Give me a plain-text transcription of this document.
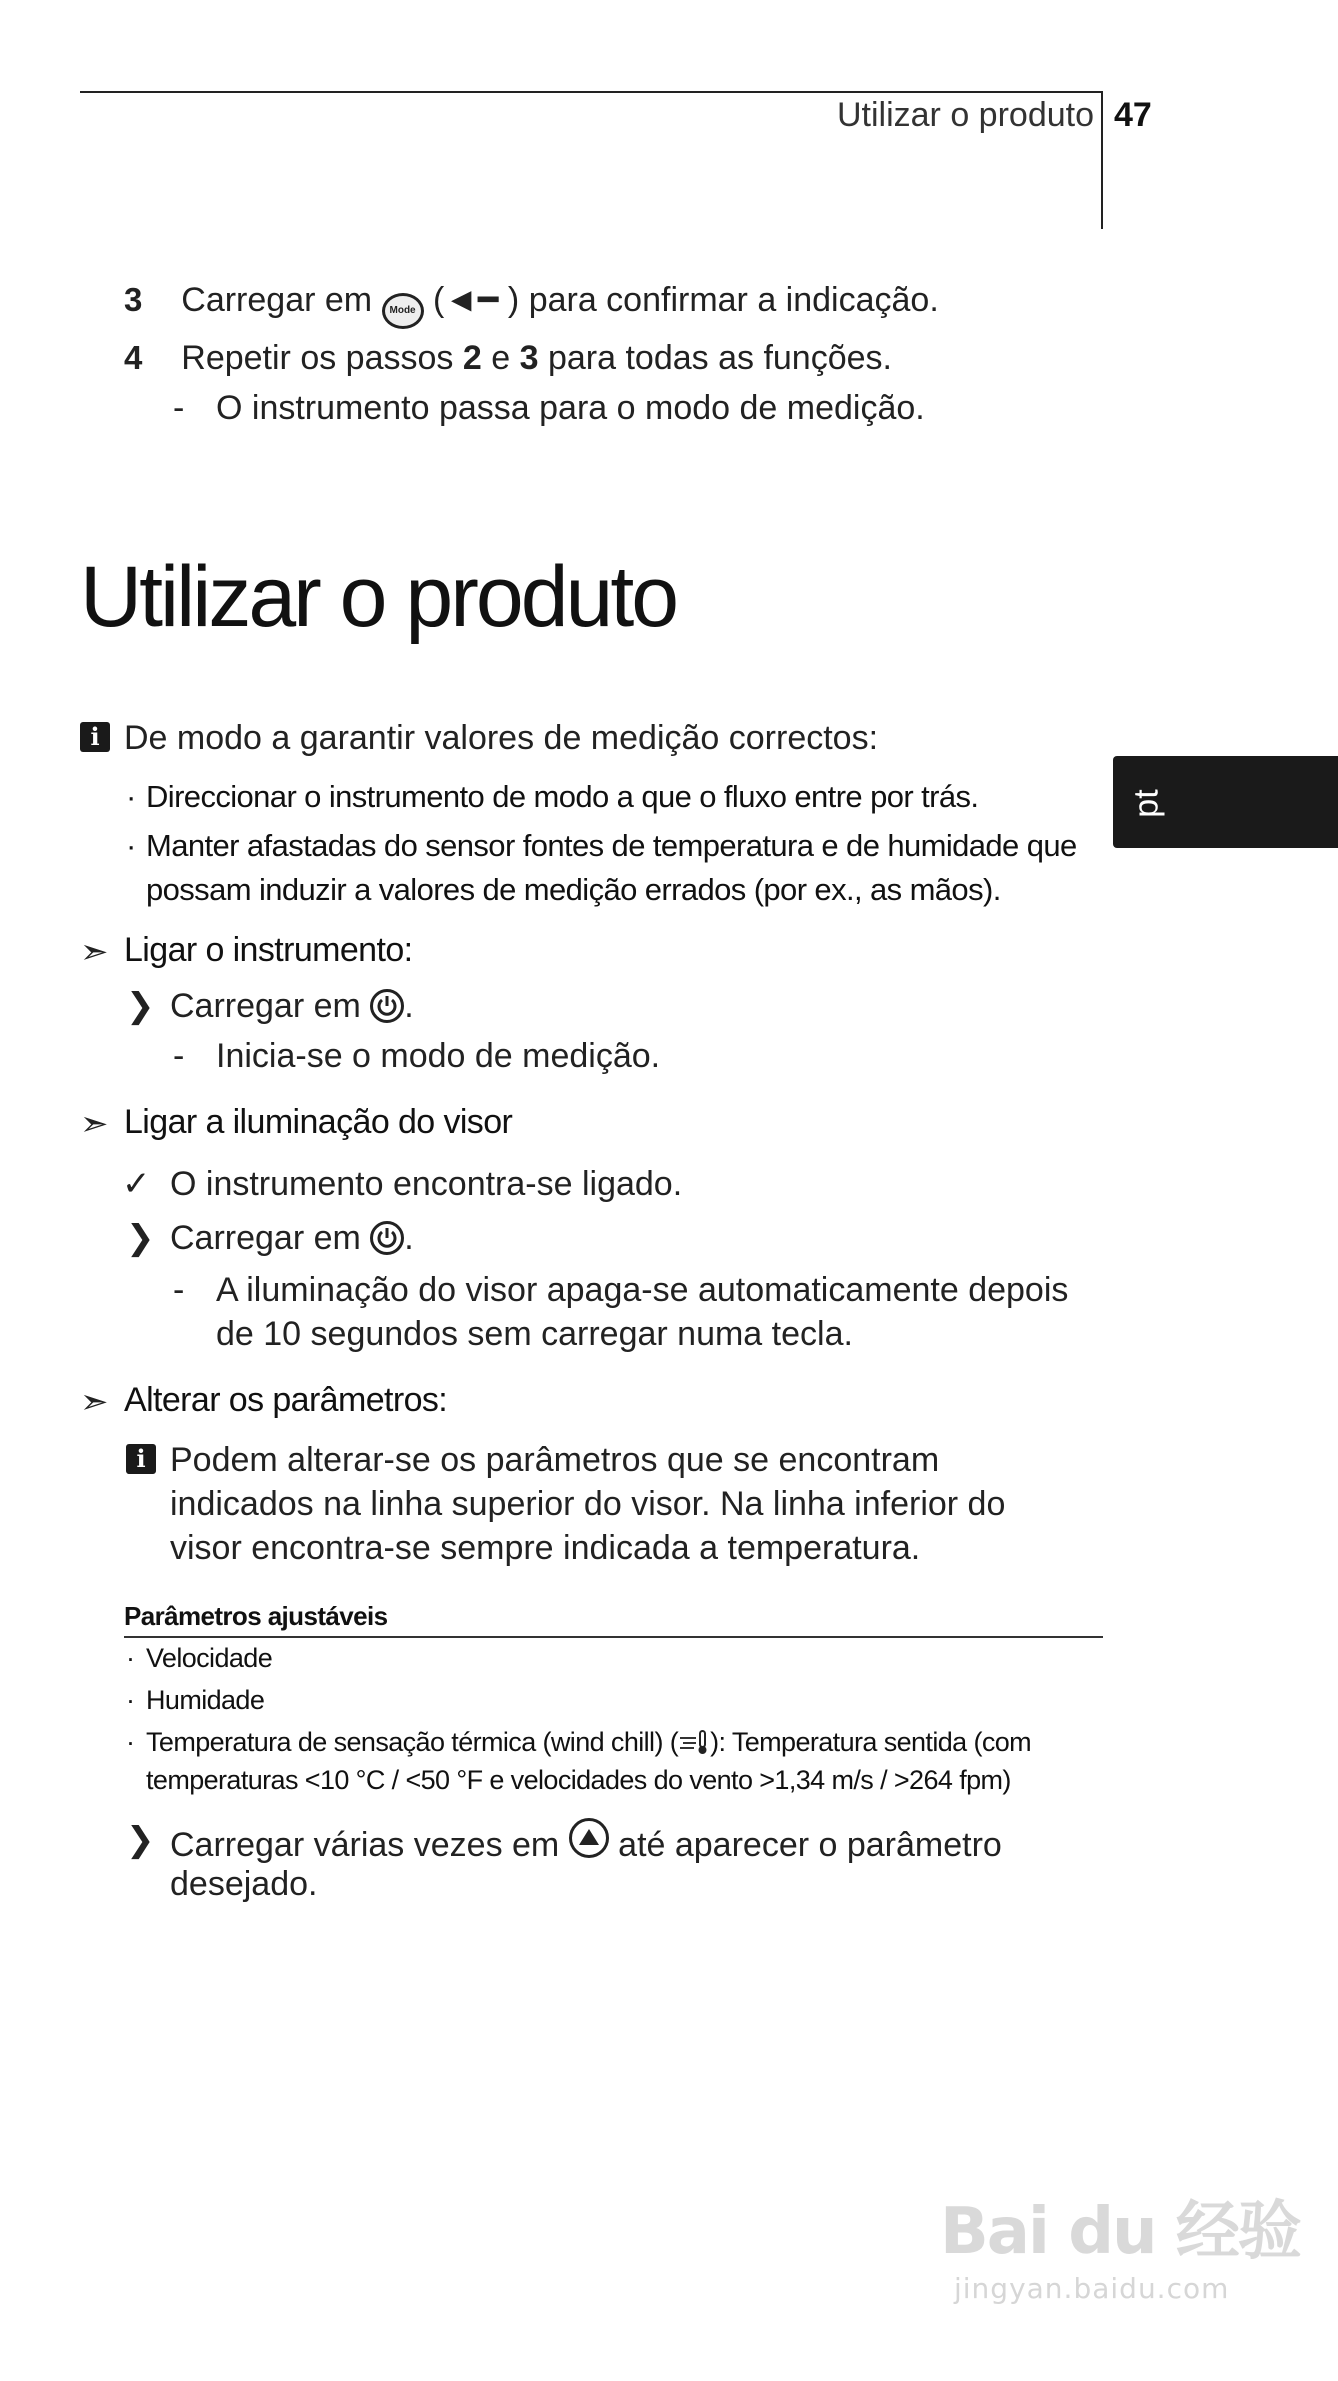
Utilizar o produto 47
3 Carregar em Mode (◄━ ) para confirmar a indicação.
4 Repetir os passos 2 e 3 para todas as funções.
- O instrumento passa para o modo de medição.
Utilizar o produto
pt
i De modo a garantir valores de medição correctos:
· Direccionar o instrumento de modo a que o fluxo entre por trás.
· Manter afastadas do sensor fontes de temperatura e de humidade que
possam induzir a valores de medição errados (por ex., as mãos).
➣ Ligar o instrumento:
❯ Carregar em .
- Inicia-se o modo de medição.
➣ Ligar a iluminação do visor
✓ O instrumento encontra-se ligado.
❯ Carregar em .
- A iluminação do visor apaga-se automaticamente depois
de 10 segundos sem carregar numa tecla.
➣ Alterar os parâmetros:
i Podem alterar-se os parâmetros que se encontram
indicados na linha superior do visor. Na linha inferior do
visor encontra-se sempre indicada a temperatura.
Parâmetros ajustáveis
· Velocidade
· Humidade
· Temperatura de sensação térmica (wind chill) ( ): Temperatura sentida (com
temperaturas <10 °C / <50 °F e velocidades do vento >1,34 m/s / >264 fpm)
❯ Carregar várias vezes em até aparecer o parâmetro
desejado.
Bai du 经验
jingyan.baidu.com
